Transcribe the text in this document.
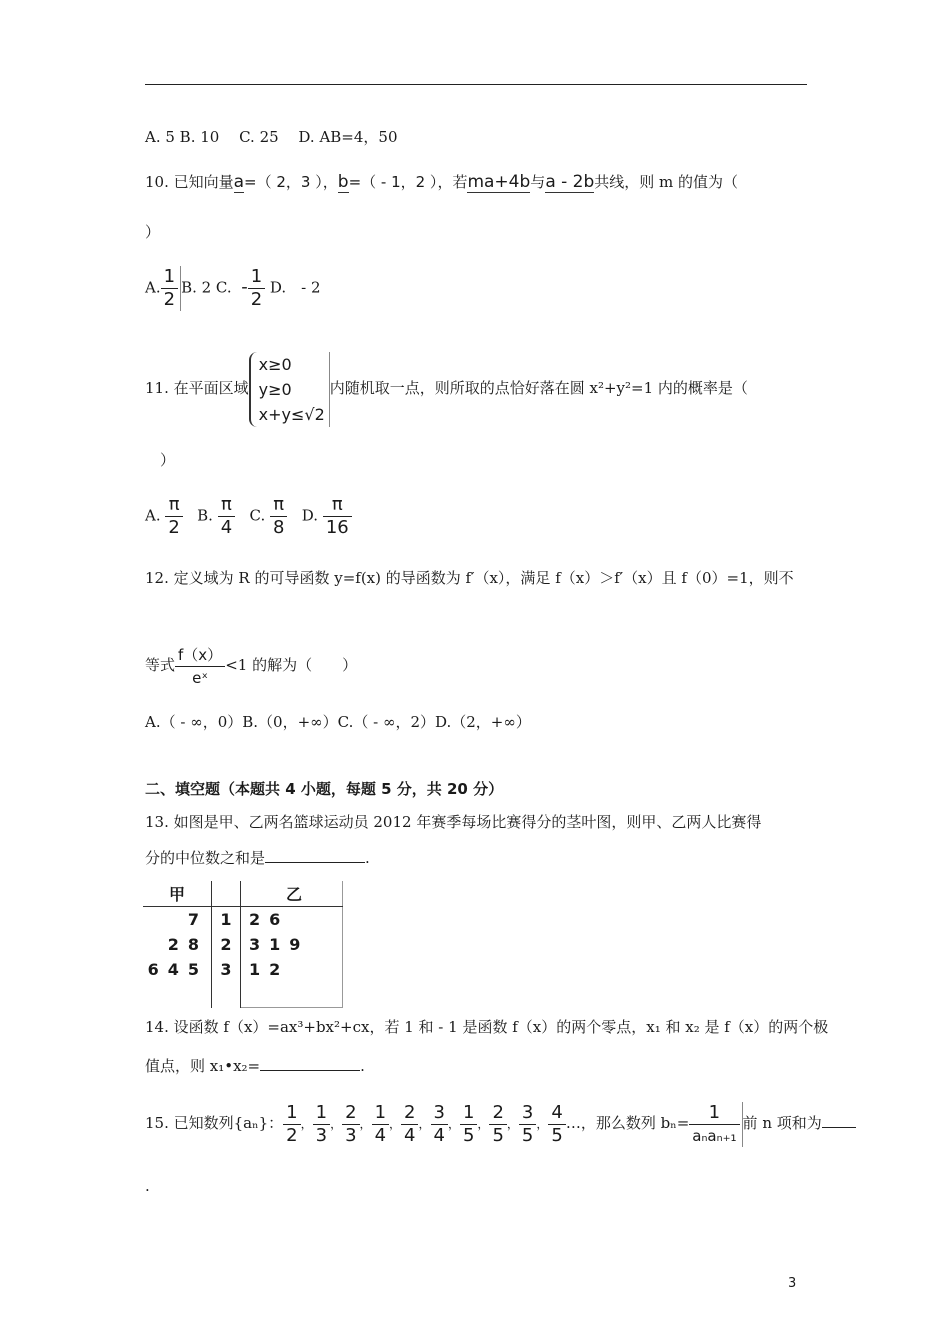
A. 5 B. 10　 C. 25　 D. AB=4，50
10. 已知向量a=（ 2，3 ），b=（ - 1，2 ），若ma+4b与a - 2b共线，则 m 的值为（
）
A. $\frac{1}{2} B$. 2 C. - $\frac{1}{2} D$.　- 2
11. 在平面区域
x≥0
y≥0
x+y≤√2
内随机取一点，则所取的点恰好落在圆 x²+y²=1 内的概率是（
）
A. $\frac{\pi}{2} B$. $\frac{\pi}{4} C$. $\frac{\pi}{8} D$. $\frac{\pi}{16}$
12. 定义域为 R 的可导函数 y=f(x) 的导函数为 f′（x），满足 f（x）＞f′（x）且 f（0）=1，则不
等式 $\frac{f(x)}{\text{eˣ}} <1$ 的解为（　　）
A.（ - ∞，0）B.（0，+∞）C.（ - ∞，2）D.（2，+∞）
二、填空题（本题共 4 小题，每题 5 分，共 20 分）
13. 如图是甲、乙两名篮球运动员 2012 年赛季每场比赛得分的茎叶图，则甲、乙两人比赛得
分的中位数之和是	.
甲		乙
7	1	26
28	2	319
645	3	12

14. 设函数 f（x）=ax³+bx²+cx，若 1 和 - 1 是函数 f（x）的两个零点，x₁ 和 x₂ 是 f（x）的两个极
值点，则 x₁•x₂=	.
15. 已知数列{aₙ}： $\frac{1}{2}$ ， $\frac{1}{3}$ ， $\frac{2}{3}$ ， $\frac{1}{4}$ ， $\frac{2}{4}$ ， $\frac{3}{4}$ ， $\frac{1}{5}$ ， $\frac{2}{5}$ ， $\frac{3}{5}$ ， $\frac{4}{5}$ …，那么数列 $b_n= \frac{1}{\text{aₙaₙ₊₁}}$ 前 n 项和为
.
3
